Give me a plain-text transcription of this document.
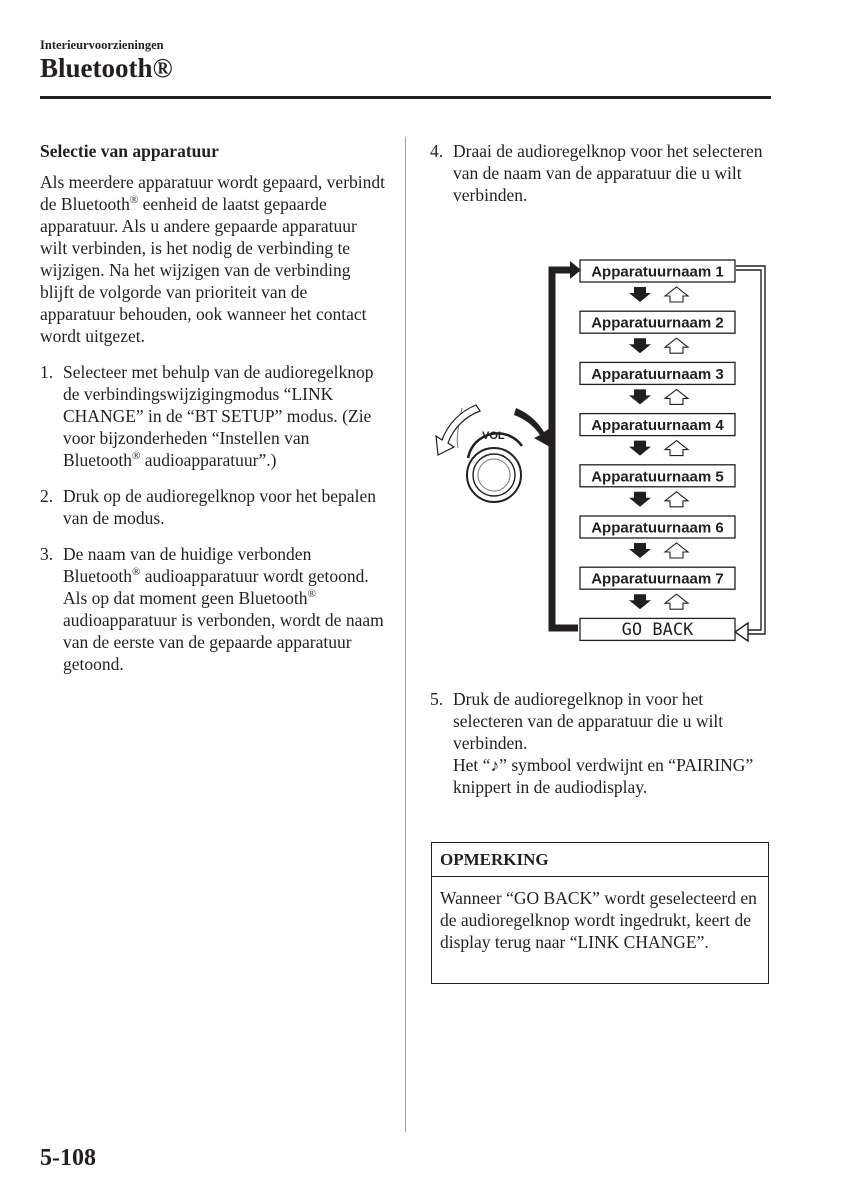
Interieurvoorzieningen
Bluetooth®
Selectie van apparatuur

Als meerdere apparatuur wordt gepaard, verbindt de Bluetooth® eenheid de laatst gepaarde apparatuur. Als u andere gepaarde apparatuur wilt verbinden, is het nodig de verbinding te wijzigen. Na het wijzigen van de verbinding blijft de volgorde van prioriteit van de apparatuur behouden, ook wanneer het contact wordt uitgezet.

1. Selecteer met behulp van de audioregelknop de verbindingswijzigingmodus “LINK CHANGE” in de “BT SETUP” modus. (Zie voor bijzonderheden “Instellen van Bluetooth® audioapparatuur”.)
2. Druk op de audioregelknop voor het bepalen van de modus.
3. De naam van de huidige verbonden Bluetooth® audioapparatuur wordt getoond.
Als op dat moment geen Bluetooth® audioapparatuur is verbonden, wordt de naam van de eerste van de gepaarde apparatuur getoond.
4. Draai de audioregelknop voor het selecteren van de naam van de apparatuur die u wilt verbinden.
VOL
Apparatuurnaam 1
Apparatuurnaam 2
Apparatuurnaam 3
Apparatuurnaam 4
Apparatuurnaam 5
Apparatuurnaam 6
Apparatuurnaam 7
GO BACK
5. Druk de audioregelknop in voor het selecteren van de apparatuur die u wilt verbinden.
Het “♪” symbool verdwijnt en “PAIRING” knippert in de audiodisplay.
OPMERKING
Wanneer “GO BACK” wordt geselecteerd en de audioregelknop wordt ingedrukt, keert de display terug naar “LINK CHANGE”.
5-108
